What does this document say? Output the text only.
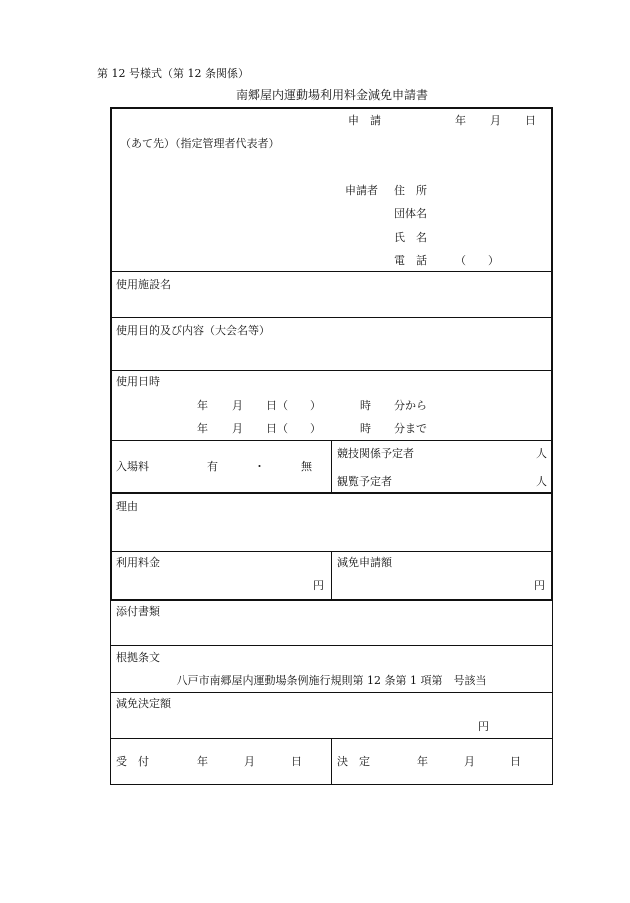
第 12 号様式（第 12 条関係）
南郷屋内運動場利用料金減免申請書
申　請	年 月 日
（あて先）（指定管理者代表者）
申請者 住　所
団体名
氏　名
電　話	（　　）
使用施設名
使用目的及び内容（大会名等）
使用日時
年 月 日（　　）	時 分から
年 月 日（　　）	時 分まで
入場料	有	・	無
競技関係予定者	人
観覧予定者	人
理由
利用料金
円
減免申請額
円
添付書類
根拠条文
八戸市南郷屋内運動場条例施行規則第 12 条第 1 項第　号該当
減免決定額
円
受　付	年	月	日	決　定	年	月	日
